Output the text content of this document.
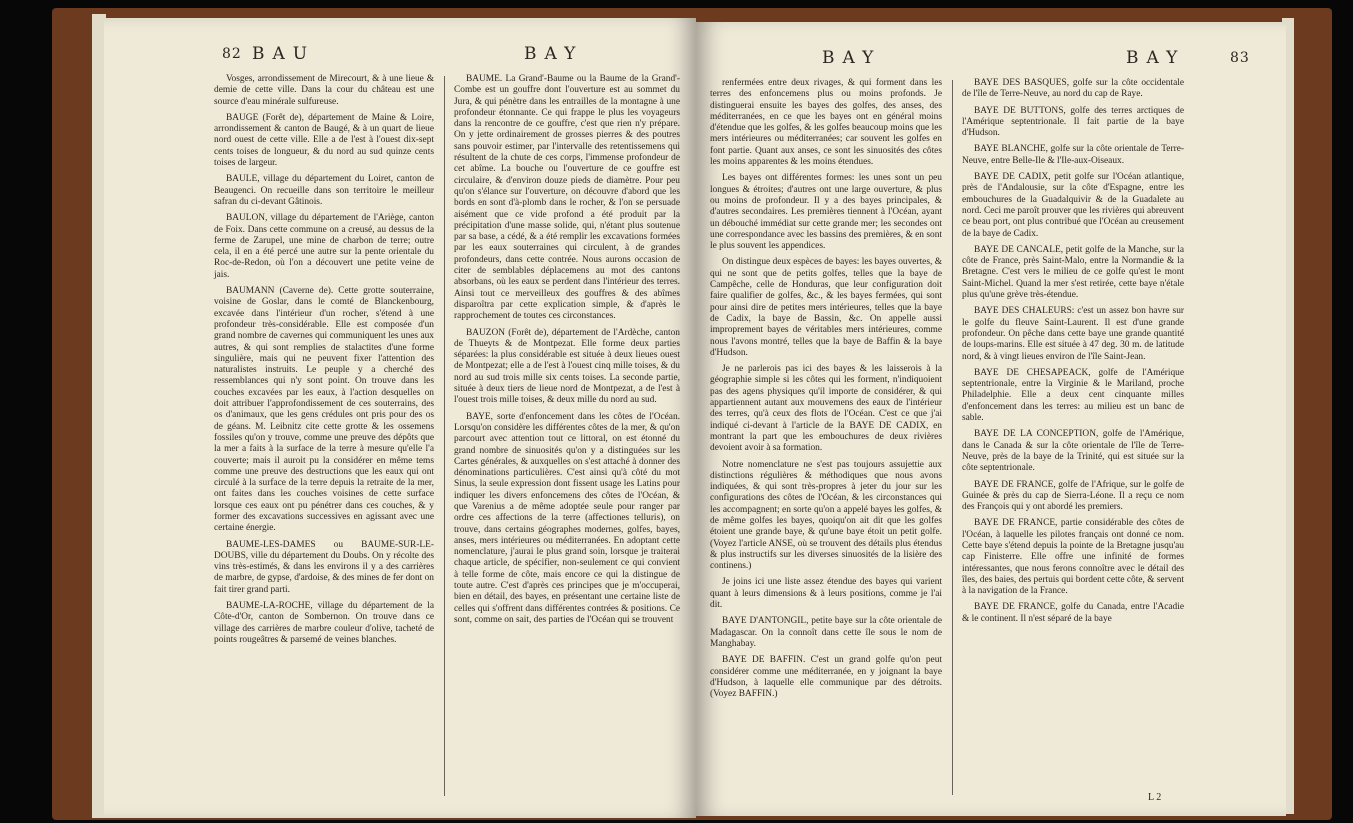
82 BAU	BAY

Vosges, arrondissement de Mirecourt, & à une lieue & demie de cette ville. Dans la cour du château est une source d'eau minérale sulfureuse.

BAUGE (Forêt de), département de Maine & Loire, arrondissement & canton de Baugé, & à un quart de lieue nord ouest de cette ville. Elle a de l'est à l'ouest dix-sept cents toises de longueur, & du nord au sud quinze cents toises de largeur.

BAULE, village du département du Loiret, canton de Beaugenci. On recueille dans son territoire le meilleur safran du ci-devant Gâtinois.

BAULON, village du département de l'Ariège, canton de Foix. Dans cette commune on a creusé, au dessus de la ferme de Zarupel, une mine de charbon de terre; outre cela, il en a été percé une autre sur la pente orientale du Roc-de-Redon, où l'on a découvert une petite veine de jais.

BAUMANN (Caverne de). Cette grotte souterraine, voisine de Goslar, dans le comté de Blanckenbourg, excavée dans l'intérieur d'un rocher, s'étend à une profondeur très-considérable. Elle est composée d'un grand nombre de cavernes qui communiquent les unes aux autres, & qui sont remplies de stalactites d'une forme singulière, mais qui ne peuvent fixer l'attention des naturalistes instruits. Le peuple y a cherché des ressemblances qui n'y sont point. On trouve dans les couches excavées par les eaux, à l'action desquelles on doit attribuer l'approfondissement de ces souterrains, des os d'animaux, que les gens crédules ont pris pour des os de géans. M. Leibnitz cite cette grotte & les ossemens fossiles qu'on y trouve, comme une preuve des dépôts que la mer a faits à la surface de la terre à mesure qu'elle l'a couverte; mais il auroit pu la considérer en même tems comme une preuve des destructions que les eaux qui ont circulé à la surface de la terre depuis la retraite de la mer, ont faites dans les couches voisines de cette surface lorsque ces eaux ont pu pénétrer dans ces couches, & y former des excavations successives en agissant avec une certaine énergie.

BAUME-LES-DAMES ou BAUME-SUR-LE-DOUBS, ville du département du Doubs. On y récolte des vins très-estimés, & dans les environs il y a des carrières de marbre, de gypse, d'ardoise, & des mines de fer dont on fait tirer grand parti.

BAUME-LA-ROCHE, village du département de la Côte-d'Or, canton de Sombernon. On trouve dans ce village des carrières de marbre couleur d'olive, tacheté de points rougeâtres & parsemé de veines blanches.

BAUME. La Grand'-Baume ou la Baume de la Grand'-Combe est un gouffre dont l'ouverture est au sommet du Jura, & qui pénètre dans les entrailles de la montagne à une profondeur étonnante. Ce qui frappe le plus les voyageurs dans la rencontre de ce gouffre, c'est que rien n'y prépare. On y jette ordinairement de grosses pierres & des poutres sans pouvoir estimer, par l'intervalle des retentissemens qui résultent de la chute de ces corps, l'immense profondeur de cet abîme. La bouche ou l'ouverture de ce gouffre est circulaire, & d'environ douze pieds de diamètre. Pour peu qu'on s'élance sur l'ouverture, on découvre d'abord que les bords en sont d'à-plomb dans le rocher, & l'on se persuade aisément que ce vide profond a été produit par la précipitation d'une masse solide, qui, n'étant plus soutenue par sa base, a cédé, & a été remplir les excavations formées par les eaux souterraines qui circulent, à de grandes profondeurs, dans cette contrée. Nous aurons occasion de citer de semblables déplacemens au mot des cantons absorbans, où les eaux se perdent dans l'intérieur des terres. Ainsi tout ce merveilleux des gouffres & des abîmes disparoîtra par cette explication simple, & d'après le rapprochement de toutes ces circonstances.

BAUZON (Forêt de), département de l'Ardèche, canton de Thueyts & de Montpezat. Elle forme deux parties séparées: la plus considérable est située à deux lieues ouest de Montpezat; elle a de l'est à l'ouest cinq mille toises, & du nord au sud trois mille six cents toises. La seconde partie, située à deux tiers de lieue nord de Montpezat, a de l'est à l'ouest trois mille toises, & deux mille du nord au sud.

BAYE, sorte d'enfoncement dans les côtes de l'Océan. Lorsqu'on considère les différentes côtes de la mer, & qu'on parcourt avec attention tout ce littoral, on est étonné du grand nombre de sinuosités qu'on y a distinguées sur les Cartes générales, & auxquelles on s'est attaché à donner des dénominations particulières. C'est ainsi qu'à côté du mot Sinus, la seule expression dont fissent usage les Latins pour indiquer les divers enfoncemens des côtes de l'Océan, & que Varenius a de même adoptée seule pour ranger par ordre ces affections de la terre (affectiones telluris), on trouve, dans certains géographes modernes, golfes, bayes, anses, mers intérieures ou méditerranées. En adoptant cette nomenclature, j'aurai le plus grand soin, lorsque je traiterai chaque article, de spécifier, non-seulement ce qui convient à telle forme de côte, mais encore ce qui la distingue de toute autre. C'est d'après ces principes que je m'occuperai, bien en détail, des bayes, en présentant une certaine liste de celles qui s'offrent dans différentes contrées & positions. Ce sont, comme on sait, des parties de l'Océan qui se trouvent

BAY	BAY	83

renfermées entre deux rivages, & qui forment dans les terres des enfoncemens plus ou moins profonds. Je distinguerai ensuite les bayes des golfes, des anses, des méditerranées, en ce que les bayes ont en général moins d'étendue que les golfes, & les golfes beaucoup moins que les mers intérieures ou méditerranées; car souvent les golfes en font partie. Quant aux anses, ce sont les sinuosités des côtes les moins apparentes & les moins étendues.

Les bayes ont différentes formes: les unes sont un peu longues & étroites; d'autres ont une large ouverture, & plus ou moins de profondeur. Il y a des bayes principales, & d'autres secondaires. Les premières tiennent à l'Océan, ayant un débouché immédiat sur cette grande mer; les secondes ont une correspondance avec les bassins des premières, & en sont le plus souvent les appendices.

On distingue deux espèces de bayes: les bayes ouvertes, & qui ne sont que de petits golfes, telles que la baye de Campêche, celle de Honduras, que leur configuration doit faire qualifier de golfes, &c., & les bayes fermées, qui sont pour ainsi dire de petites mers intérieures, telles que la baye de Cadix, la baye de Bassin, &c. On appelle aussi improprement bayes de véritables mers intérieures, comme nous l'avons montré, telles que la baye de Baffin & la baye d'Hudson.

Je ne parlerois pas ici des bayes & les laisserois à la géographie simple si les côtes qui les forment, n'indiquoient pas des agens physiques qu'il importe de considérer, & qui appartiennent autant aux mouvemens des eaux de l'intérieur des terres, qu'à ceux des flots de l'Océan. C'est ce que j'ai indiqué ci-devant à l'article de la BAYE DE CADIX, en montrant la part que les embouchures de deux rivières devoient avoir à sa formation.

Notre nomenclature ne s'est pas toujours assujettie aux distinctions régulières & méthodiques que nous avons indiquées, & qui sont très-propres à jeter du jour sur les configurations des côtes de l'Océan, & les circonstances qui les accompagnent; en sorte qu'on a appelé bayes les golfes, & de même golfes les bayes, quoiqu'on ait dit que les golfes étoient une grande baye, & qu'une baye étoit un petit golfe. (Voyez l'article ANSE, où se trouvent des détails plus étendus & plus instructifs sur les diverses sinuosités de la lisière des continens.)

Je joins ici une liste assez étendue des bayes qui varient quant à leurs dimensions & à leurs positions, comme je l'ai dit.

BAYE D'ANTONGIL, petite baye sur la côte orientale de Madagascar. On la connoît dans cette île sous le nom de Manghabay.

BAYE DE BAFFIN. C'est un grand golfe qu'on peut considérer comme une méditerranée, en y joignant la baye d'Hudson, à laquelle elle communique par des détroits. (Voyez BAFFIN.)

BAYE DES BASQUES, golfe sur la côte occidentale de l'île de Terre-Neuve, au nord du cap de Raye.

BAYE DE BUTTONS, golfe des terres arctiques de l'Amérique septentrionale. Il fait partie de la baye d'Hudson.

BAYE BLANCHE, golfe sur la côte orientale de Terre-Neuve, entre Belle-Ile & l'Ile-aux-Oiseaux.

BAYE DE CADIX, petit golfe sur l'Océan atlantique, près de l'Andalousie, sur la côte d'Espagne, entre les embouchures de la Guadalquivir & de la Guadalete au nord. Ceci me paroît prouver que les rivières qui abreuvent ce beau port, ont plus contribué que l'Océan au creusement de la baye de Cadix.

BAYE DE CANCALE, petit golfe de la Manche, sur la côte de France, près Saint-Malo, entre la Normandie & la Bretagne. C'est vers le milieu de ce golfe qu'est le mont Saint-Michel. Quand la mer s'est retirée, cette baye n'étale plus qu'une grève très-étendue.

BAYE DES CHALEURS: c'est un assez bon havre sur le golfe du fleuve Saint-Laurent. Il est d'une grande profondeur. On pêche dans cette baye une grande quantité de loups-marins. Elle est située à 47 deg. 30 m. de latitude nord, & à vingt lieues environ de l'île Saint-Jean.

BAYE DE CHESAPEACK, golfe de l'Amérique septentrionale, entre la Virginie & le Mariland, proche Philadelphie. Elle a deux cent cinquante milles d'enfoncement dans les terres: au milieu est un banc de sable.

BAYE DE LA CONCEPTION, golfe de l'Amérique, dans le Canada & sur la côte orientale de l'île de Terre-Neuve, près de la baye de la Trinité, qui est située sur la côte septentrionale.

BAYE DE FRANCE, golfe de l'Afrique, sur le golfe de Guinée & près du cap de Sierra-Léone. Il a reçu ce nom des François qui y ont abordé les premiers.

BAYE DE FRANCE, partie considérable des côtes de l'Océan, à laquelle les pilotes français ont donné ce nom. Cette baye s'étend depuis la pointe de la Bretagne jusqu'au cap Finisterre. Elle offre une infinité de formes intéressantes, que nous ferons connoître avec le détail des îles, des baies, des pertuis qui bordent cette côte, & servent à la navigation de la France.

BAYE DE FRANCE, golfe du Canada, entre l'Acadie & le continent. Il n'est séparé de la baye

L 2
